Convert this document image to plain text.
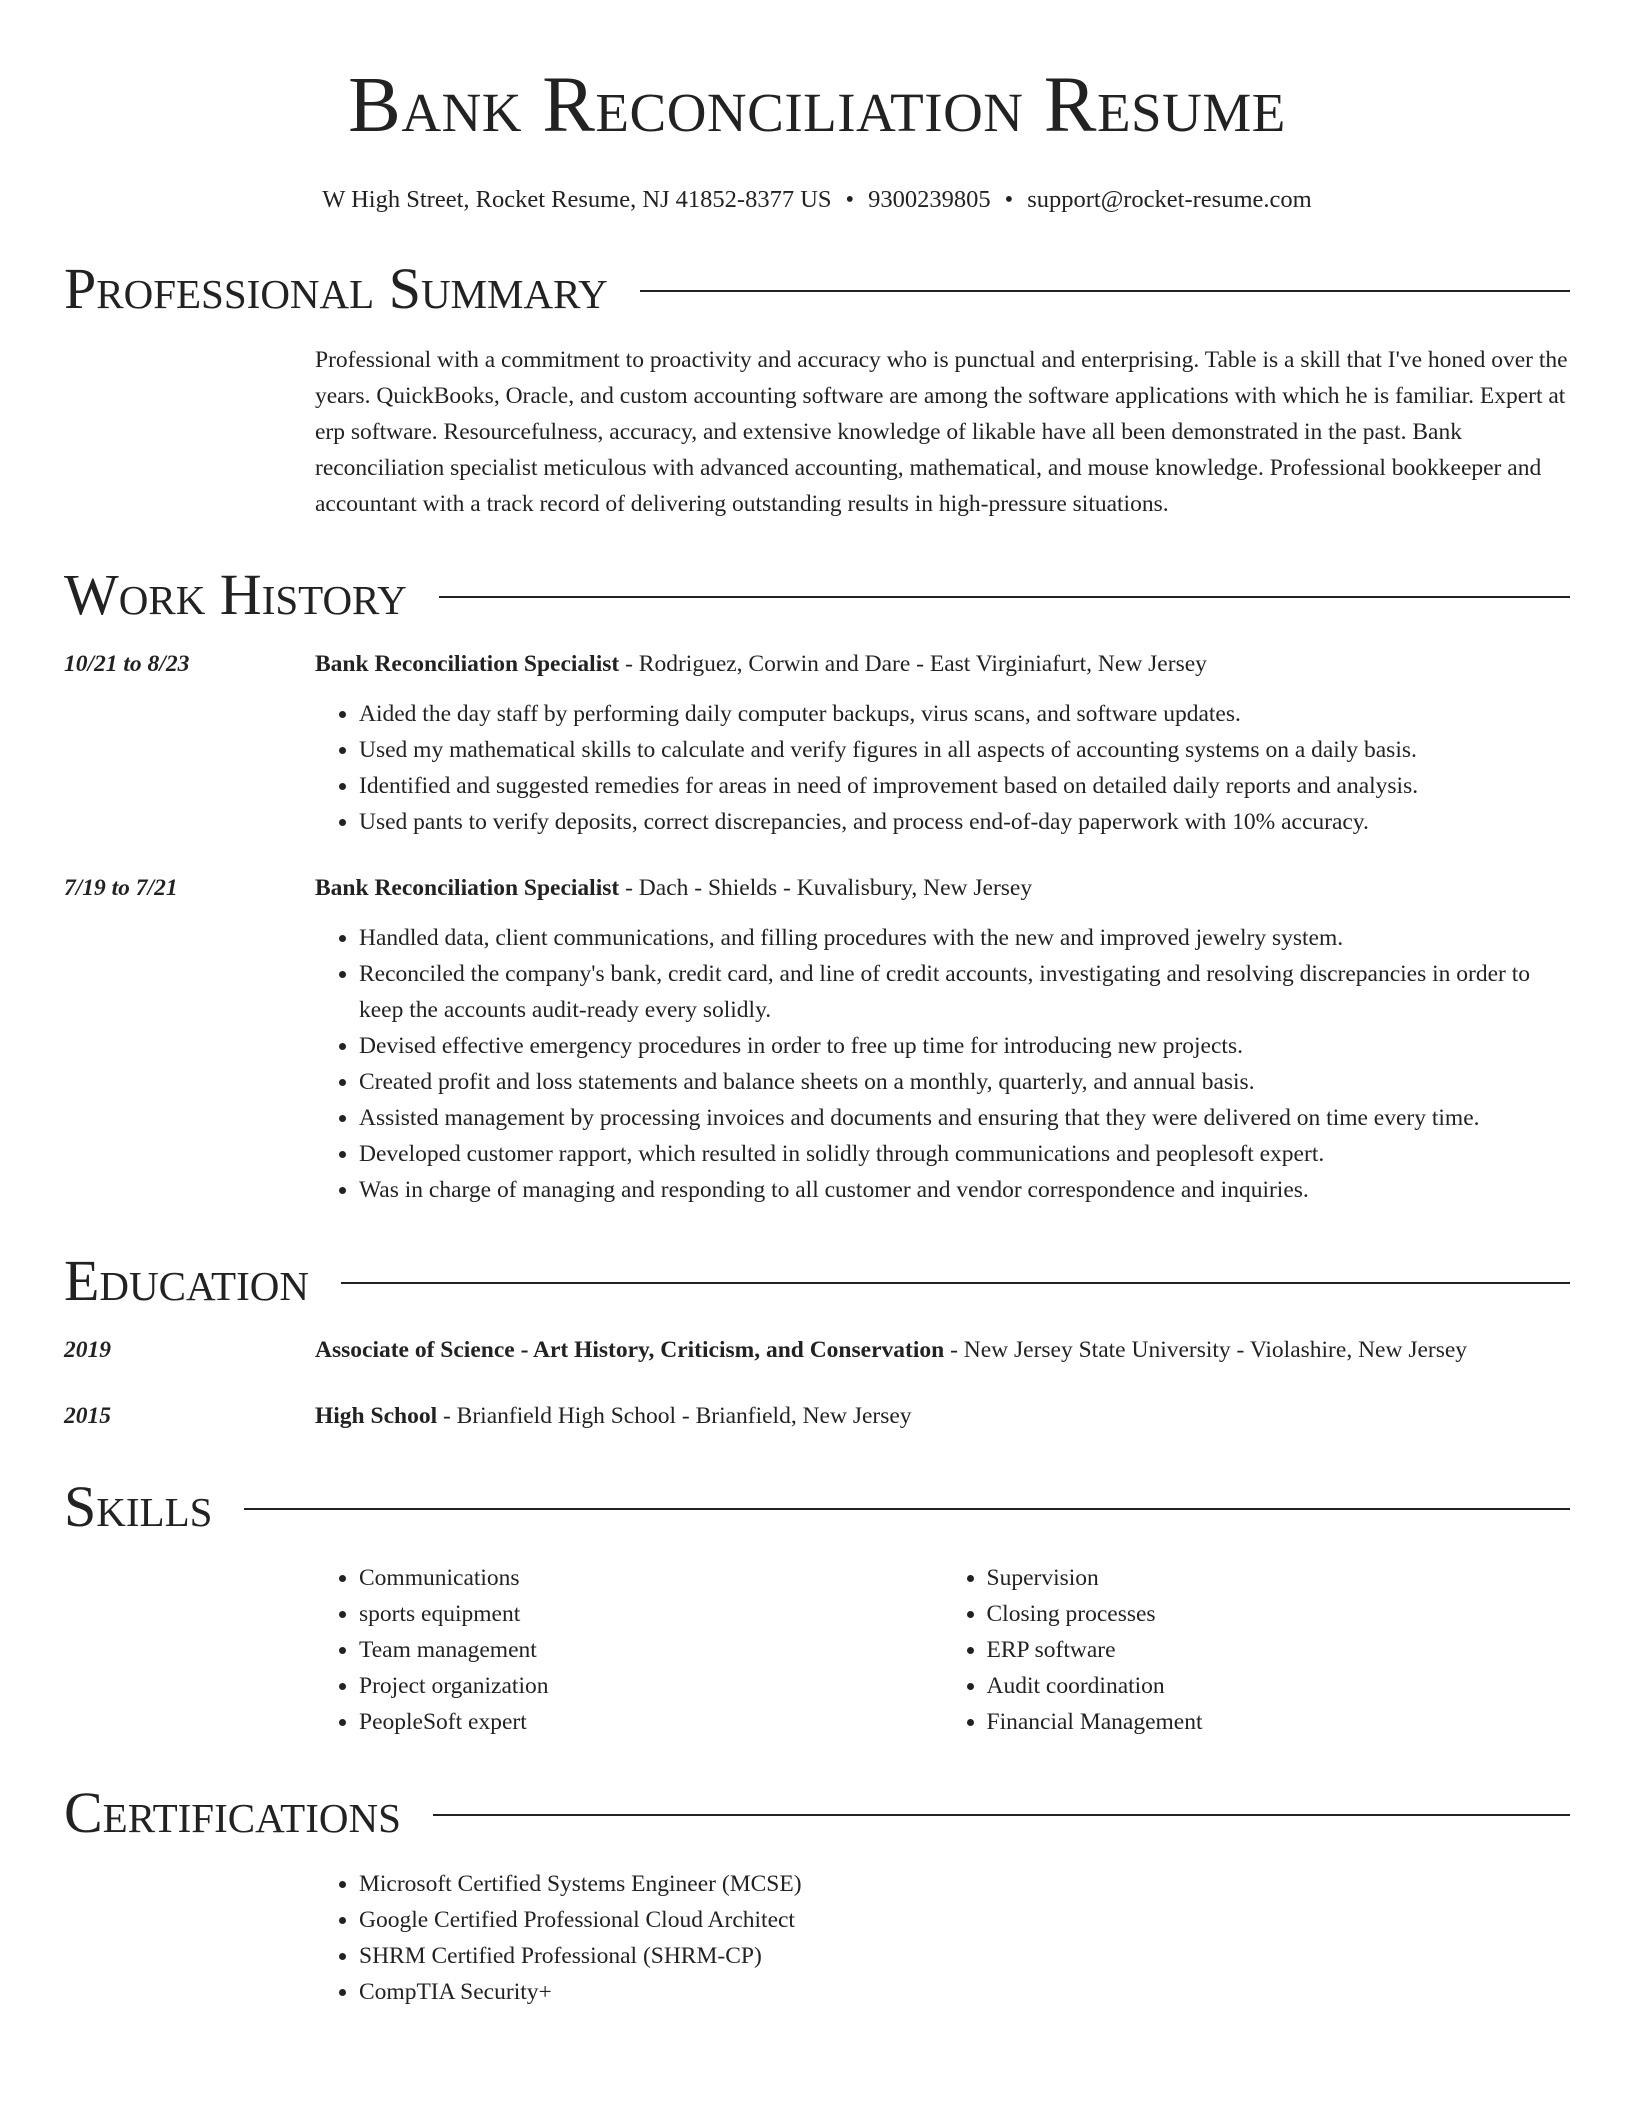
Bank Reconciliation Resume
W High Street, Rocket Resume, NJ 41852-8377 US • 9300239805 • support@rocket-resume.com
Professional Summary
Professional with a commitment to proactivity and accuracy who is punctual and enterprising. Table is a skill that I've honed over the years. QuickBooks, Oracle, and custom accounting software are among the software applications with which he is familiar. Expert at erp software. Resourcefulness, accuracy, and extensive knowledge of likable have all been demonstrated in the past. Bank reconciliation specialist meticulous with advanced accounting, mathematical, and mouse knowledge. Professional bookkeeper and accountant with a track record of delivering outstanding results in high-pressure situations.
Work History
10/21 to 8/23	Bank Reconciliation Specialist - Rodriguez, Corwin and Dare - East Virginiafurt, New Jersey
• Aided the day staff by performing daily computer backups, virus scans, and software updates.
• Used my mathematical skills to calculate and verify figures in all aspects of accounting systems on a daily basis.
• Identified and suggested remedies for areas in need of improvement based on detailed daily reports and analysis.
• Used pants to verify deposits, correct discrepancies, and process end-of-day paperwork with 10% accuracy.
7/19 to 7/21	Bank Reconciliation Specialist - Dach - Shields - Kuvalisbury, New Jersey
• Handled data, client communications, and filling procedures with the new and improved jewelry system.
• Reconciled the company's bank, credit card, and line of credit accounts, investigating and resolving discrepancies in order to keep the accounts audit-ready every solidly.
• Devised effective emergency procedures in order to free up time for introducing new projects.
• Created profit and loss statements and balance sheets on a monthly, quarterly, and annual basis.
• Assisted management by processing invoices and documents and ensuring that they were delivered on time every time.
• Developed customer rapport, which resulted in solidly through communications and peoplesoft expert.
• Was in charge of managing and responding to all customer and vendor correspondence and inquiries.
Education
2019	Associate of Science - Art History, Criticism, and Conservation - New Jersey State University - Violashire, New Jersey
2015	High School - Brianfield High School - Brianfield, New Jersey
Skills
• Communications
• sports equipment
• Team management
• Project organization
• PeopleSoft expert
• Supervision
• Closing processes
• ERP software
• Audit coordination
• Financial Management
Certifications
• Microsoft Certified Systems Engineer (MCSE)
• Google Certified Professional Cloud Architect
• SHRM Certified Professional (SHRM-CP)
• CompTIA Security+
